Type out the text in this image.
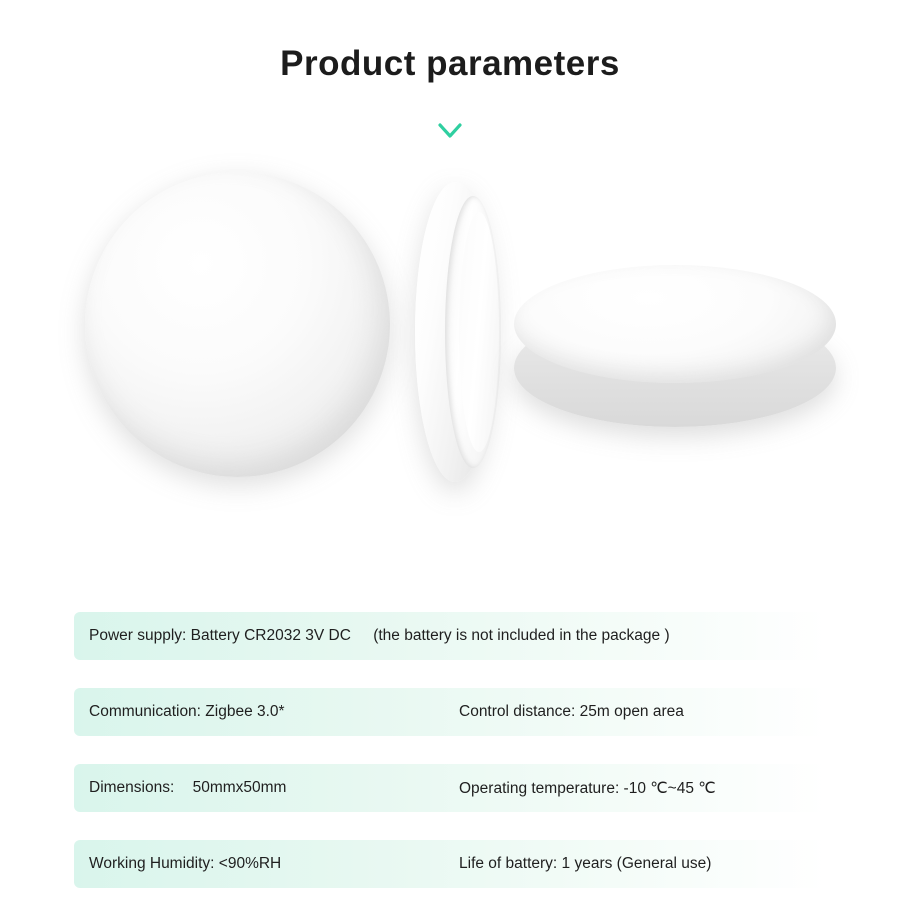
Product parameters
Power supply: Battery CR2032 3V DC (the battery is not included in the package )
Communication: Zigbee 3.0*	Control distance: 25m open area
Dimensions: 50mmx50mm	Operating temperature: -10 ℃~45 ℃
Working Humidity: <90%RH	Life of battery: 1 years (General use)
